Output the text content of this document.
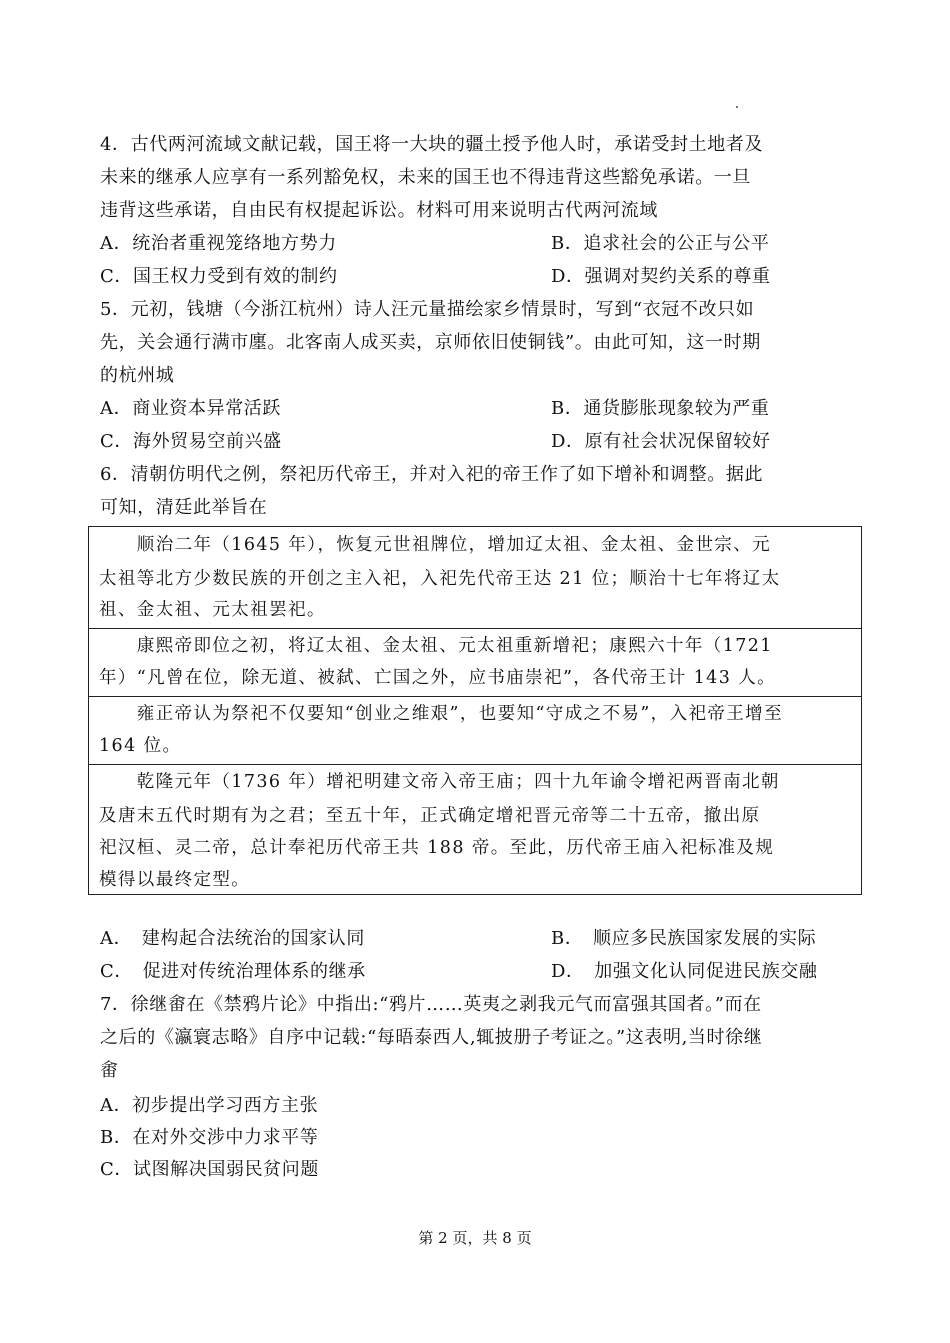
4．古代两河流域文献记载，国王将一大块的疆土授予他人时，承诺受封土地者及
未来的继承人应享有一系列豁免权，未来的国王也不得违背这些豁免承诺。一旦
违背这些承诺，自由民有权提起诉讼。材料可用来说明古代两河流域
A．统治者重视笼络地方势力	B．追求社会的公正与公平
C．国王权力受到有效的制约	D．强调对契约关系的尊重
5．元初，钱塘（今浙江杭州）诗人汪元量描绘家乡情景时，写到“衣冠不改只如
先，关会通行满市廛。北客南人成买卖，京师依旧使铜钱”。由此可知，这一时期
的杭州城
A．商业资本异常活跃	B．通货膨胀现象较为严重
C．海外贸易空前兴盛	D．原有社会状况保留较好
6．清朝仿明代之例，祭祀历代帝王，并对入祀的帝王作了如下增补和调整。据此
可知，清廷此举旨在
　　顺治二年（1645 年），恢复元世祖牌位，增加辽太祖、金太祖、金世宗、元
太祖等北方少数民族的开创之主入祀，入祀先代帝王达 21 位；顺治十七年将辽太
祖、金太祖、元太祖罢祀。
　　康熙帝即位之初，将辽太祖、金太祖、元太祖重新增祀；康熙六十年（1721
年）“凡曾在位，除无道、被弑、亡国之外，应书庙崇祀”，各代帝王计 143 人。
　　雍正帝认为祭祀不仅要知“创业之维艰”，也要知“守成之不易”，入祀帝王增至
164 位。
　　乾隆元年（1736 年）增祀明建文帝入帝王庙；四十九年谕令增祀两晋南北朝
及唐末五代时期有为之君；至五十年，正式确定增祀晋元帝等二十五帝，撤出原
祀汉桓、灵二帝，总计奉祀历代帝王共 188 帝。至此，历代帝王庙入祀标准及规
模得以最终定型。
A．　建构起合法统治的国家认同	B．　顺应多民族国家发展的实际
C．　促进对传统治理体系的继承	D．　加强文化认同促进民族交融
7．徐继畬在《禁鸦片论》中指出:“鸦片……英夷之剥我元气而富强其国者。”而在
之后的《瀛寰志略》自序中记载:“每晤泰西人,辄披册子考证之。”这表明,当时徐继
畬
A．初步提出学习西方主张
B．在对外交涉中力求平等
C．试图解决国弱民贫问题
第 2 页，共 8 页
